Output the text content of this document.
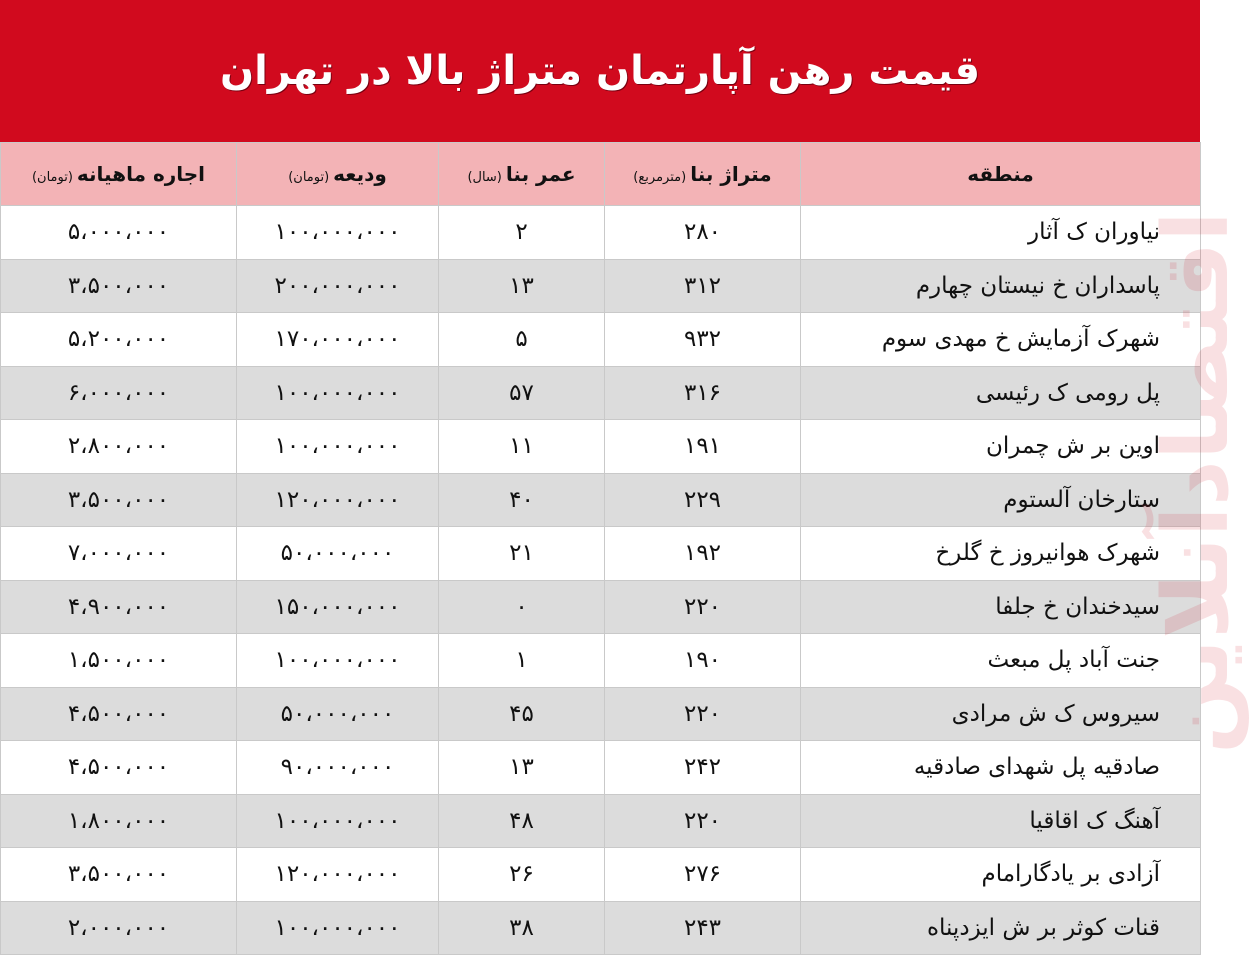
قیمت رهن آپارتمان متراژ بالا در تهران
منطقه	متراژ بنا(مترمربع)	عمر بنا(سال)	ودیعه(تومان)	اجاره ماهیانه(تومان)
نیاوران ک آثار	۲۸۰	۲	۱۰۰،۰۰۰،۰۰۰	۵،۰۰۰،۰۰۰
پاسداران خ نیستان چهارم	۳۱۲	۱۳	۲۰۰،۰۰۰،۰۰۰	۳،۵۰۰،۰۰۰
شهرک آزمایش خ مهدی سوم	۹۳۲	۵	۱۷۰،۰۰۰،۰۰۰	۵،۲۰۰،۰۰۰
پل رومی ک رئیسی	۳۱۶	۵۷	۱۰۰،۰۰۰،۰۰۰	۶،۰۰۰،۰۰۰
اوین بر ش چمران	۱۹۱	۱۱	۱۰۰،۰۰۰،۰۰۰	۲،۸۰۰،۰۰۰
ستارخان آلستوم	۲۲۹	۴۰	۱۲۰،۰۰۰،۰۰۰	۳،۵۰۰،۰۰۰
شهرک هوانیروز خ گلرخ	۱۹۲	۲۱	۵۰،۰۰۰،۰۰۰	۷،۰۰۰،۰۰۰
سیدخندان خ جلفا	۲۲۰	۰	۱۵۰،۰۰۰،۰۰۰	۴،۹۰۰،۰۰۰
جنت آباد پل مبعث	۱۹۰	۱	۱۰۰،۰۰۰،۰۰۰	۱،۵۰۰،۰۰۰
سیروس ک ش مرادی	۲۲۰	۴۵	۵۰،۰۰۰،۰۰۰	۴،۵۰۰،۰۰۰
صادقیه پل شهدای صادقیه	۲۴۲	۱۳	۹۰،۰۰۰،۰۰۰	۴،۵۰۰،۰۰۰
آهنگ ک اقاقیا	۲۲۰	۴۸	۱۰۰،۰۰۰،۰۰۰	۱،۸۰۰،۰۰۰
آزادی بر یادگارامام	۲۷۶	۲۶	۱۲۰،۰۰۰،۰۰۰	۳،۵۰۰،۰۰۰
قنات کوثر بر ش ایزدپناه	۲۴۳	۳۸	۱۰۰،۰۰۰،۰۰۰	۲،۰۰۰،۰۰۰
اقتصادآنلاین
